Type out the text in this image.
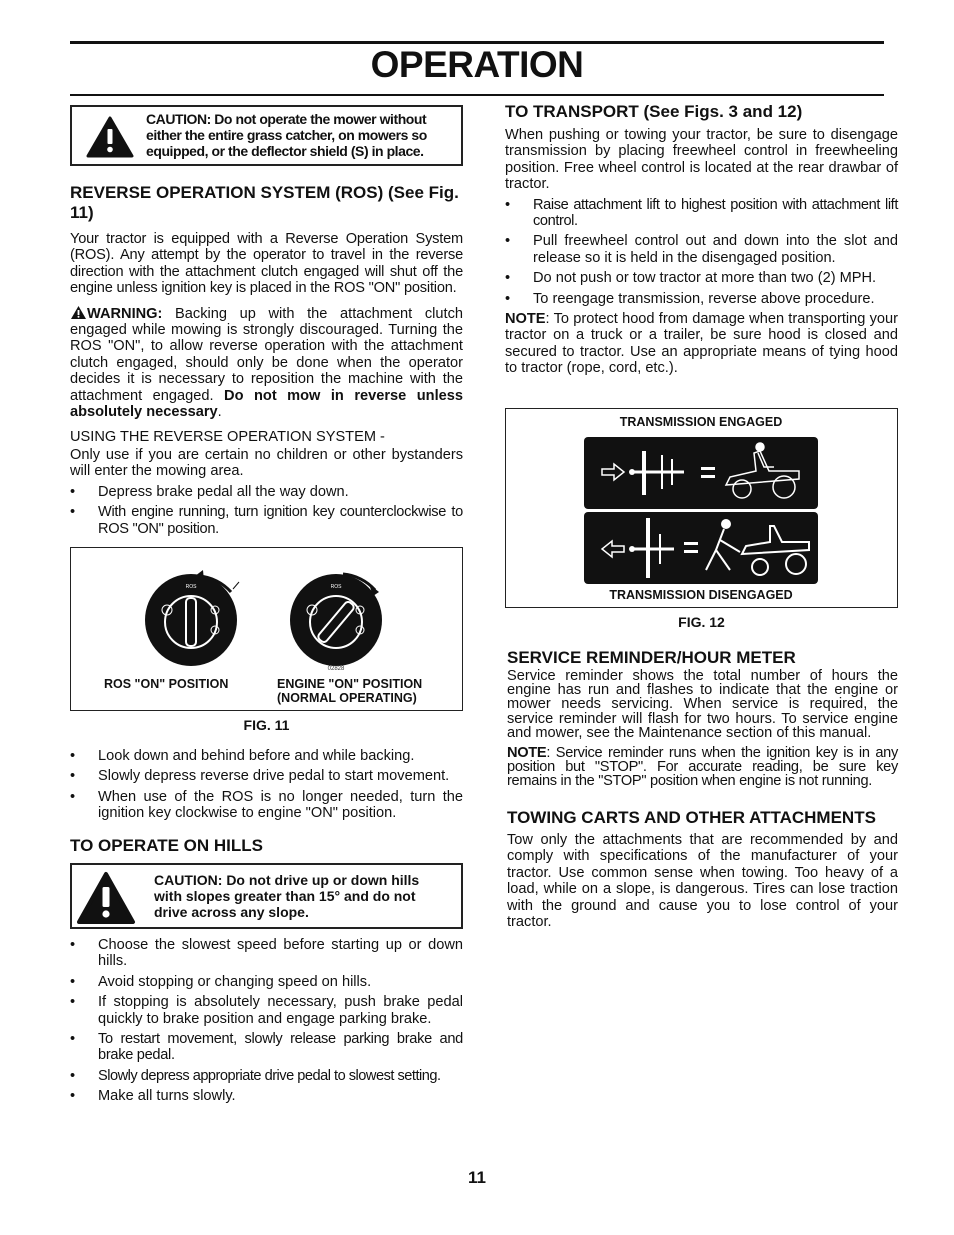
OPERATION
CAUTION: Do not operate the mower without either the entire grass catcher, on mowers so equipped, or the deflector shield (S) in place.
REVERSE OPERATION SYSTEM (ROS) (See Fig. 11)

Your tractor is equipped with a Reverse Operation System (ROS). Any attempt by the operator to travel in the reverse direction with the attachment clutch engaged will shut off the engine unless ignition key is placed in the ROS "ON" position.

WARNING: Backing up with the attachment clutch engaged while mowing is strongly discouraged. Turning the ROS "ON", to allow reverse operation with the attachment clutch engaged, should only be done when the operator decides it is necessary to reposition the machine with the attachment engaged. Do not mow in reverse unless absolutely necessary.

USING THE REVERSE OPERATION SYSTEM -

Only use if you are certain no children or other bystanders will enter the mowing area.

• Depress brake pedal all the way down.
• With engine running, turn ignition key counterclockwise to ROS "ON" position.
ROS	ROS
02828
ROS "ON" POSITION	ENGINE "ON" POSITION (NORMAL OPERATING)
FIG. 11
• Look down and behind before and while backing.
• Slowly depress reverse drive pedal to start movement.
• When use of the ROS is no longer needed, turn the ignition key clockwise to engine "ON" position.
TO OPERATE ON HILLS
CAUTION: Do not drive up or down hills with slopes greater than 15° and do not drive across any slope.
• Choose the slowest speed before starting up or down hills.
• Avoid stopping or changing speed on hills.
• If stopping is absolutely necessary, push brake pedal quickly to brake position and engage parking brake.
• To restart movement, slowly release parking brake and brake pedal.
• Slowly depress appropriate drive pedal to slowest setting.
• Make all turns slowly.
TO TRANSPORT (See Figs. 3 and 12)

When pushing or towing your tractor, be sure to disengage transmission by placing freewheel control in freewheeling position. Free wheel control is located at the rear drawbar of tractor.

• Raise attachment lift to highest position with attachment lift control.
• Pull freewheel control out and down into the slot and release so it is held in the disengaged position.
• Do not push or tow tractor at more than two (2) MPH.
• To reengage transmission, reverse above procedure.

NOTE: To protect hood from damage when transporting your tractor on a truck or a trailer, be sure hood is closed and secured to tractor. Use an appropriate means of tying hood to tractor (rope, cord, etc.).

TRANSMISSION ENGAGED
TRANSMISSION DISENGAGED
FIG. 12
SERVICE REMINDER/HOUR METER

Service reminder shows the total number of hours the engine has run and flashes to indicate that the engine or mower needs servicing. When service is required, the service reminder will flash for two hours. To service engine and mower, see the Maintenance section of this manual.

NOTE: Service reminder runs when the ignition key is in any position but "STOP". For accurate reading, be sure key remains in the "STOP" position when engine is not running.

TOWING CARTS AND OTHER ATTACHMENTS

Tow only the attachments that are recommended by and comply with specifications of the manufacturer of your tractor. Use common sense when towing. Too heavy of a load, while on a slope, is dangerous. Tires can lose traction with the ground and cause you to lose control of your tractor.

11
